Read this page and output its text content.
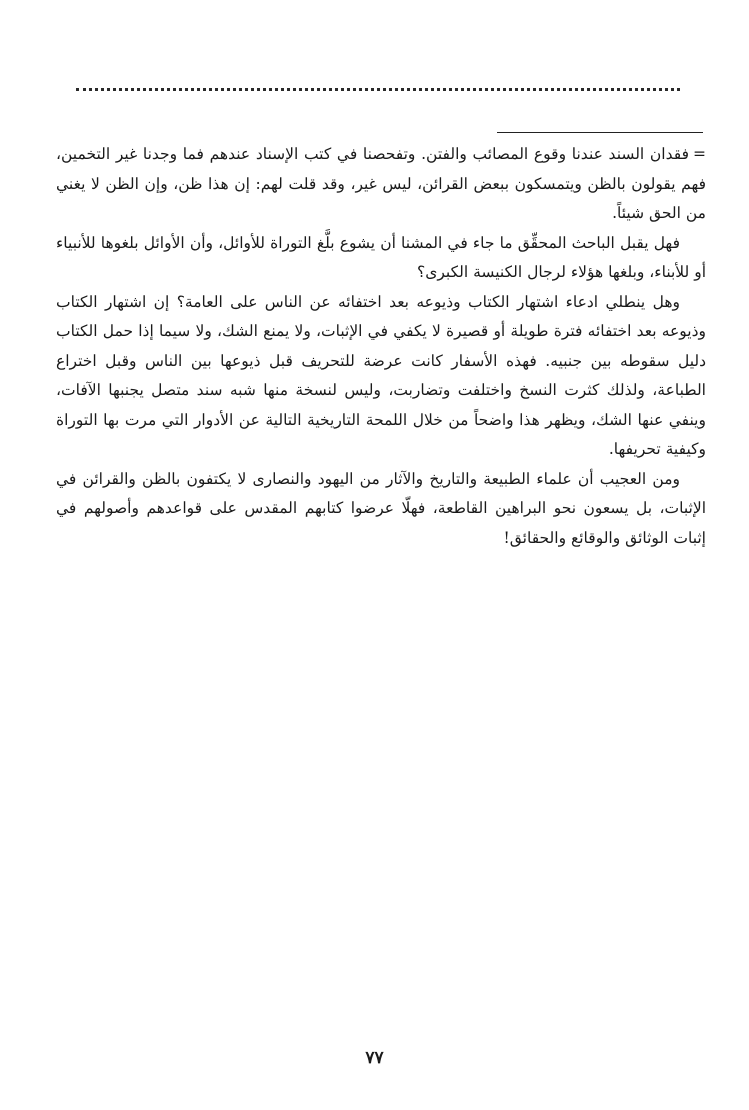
=فقدان السند عندنا وقوع المصائب والفتن. وتفحصنا في كتب الإسناد عندهم فما وجدنا غير التخمين، فهم يقولون بالظن ويتمسكون ببعض القرائن، ليس غير، وقد قلت لهم: إن هذا ظن، وإن الظن لا يغني من الحق شيئاً.

فهل يقبل الباحث المحقِّق ما جاء في المشنا أن يشوع بلَّغ التوراة للأوائل، وأن الأوائل بلغوها للأنبياء أو للأبناء، وبلغها هؤلاء لرجال الكنيسة الكبرى؟

وهل ينطلي ادعاء اشتهار الكتاب وذيوعه بعد اختفائه عن الناس على العامة؟ إن اشتهار الكتاب وذيوعه بعد اختفائه فترة طويلة أو قصيرة لا يكفي في الإثبات، ولا يمنع الشك، ولا سيما إذا حمل الكتاب دليل سقوطه بين جنبيه. فهذه الأسفار كانت عرضة للتحريف قبل ذيوعها بين الناس وقبل اختراع الطباعة، ولذلك كثرت النسخ واختلفت وتضاربت، وليس لنسخة منها شبه سند متصل يجنبها الآفات، وينفي عنها الشك، ويظهر هذا واضحاً من خلال اللمحة التاريخية التالية عن الأدوار التي مرت بها التوراة وكيفية تحريفها.

ومن العجيب أن علماء الطبيعة والتاريخ والآثار من اليهود والنصارى لا يكتفون بالظن والقرائن في الإثبات، بل يسعون نحو البراهين القاطعة، فهلّا عرضوا كتابهم المقدس على قواعدهم وأصولهم في إثبات الوثائق والوقائع والحقائق!

٧٧
